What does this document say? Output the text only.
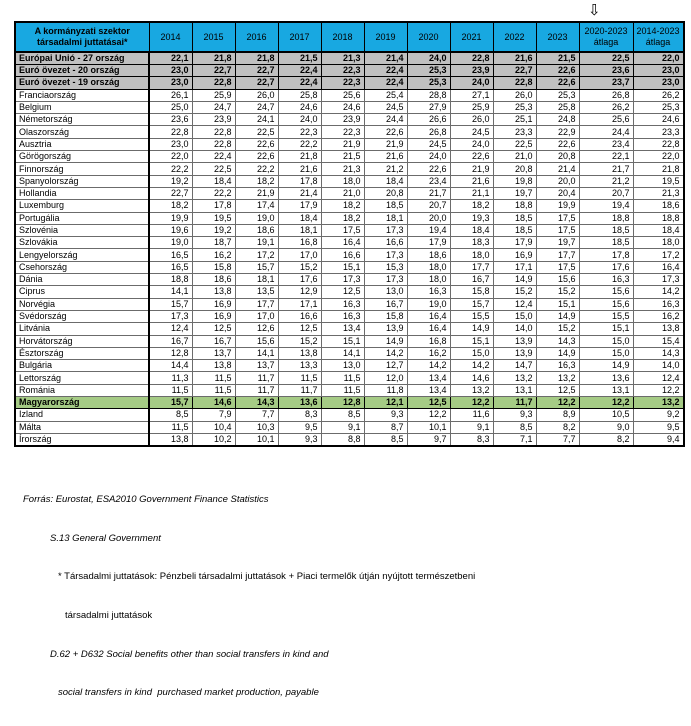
⇩
A kormányzati szektor
társadalmi juttatásai*	2014	2015	2016	2017	2018	2019	2020	2021	2022	2023	2020-2023
átlaga	2014-2023
átlaga
Európai Unió - 27 ország	22,1	21,8	21,8	21,5	21,3	21,4	24,0	22,8	21,6	21,5	22,5	22,0
Euró övezet - 20 ország	23,0	22,7	22,7	22,4	22,3	22,4	25,3	23,9	22,7	22,6	23,6	23,0
Euró övezet - 19 ország	23,0	22,8	22,7	22,4	22,3	22,4	25,3	24,0	22,8	22,6	23,7	23,0
Franciaország	26,1	25,9	26,0	25,8	25,6	25,4	28,8	27,1	26,0	25,3	26,8	26,2
Belgium	25,0	24,7	24,7	24,6	24,6	24,5	27,9	25,9	25,3	25,8	26,2	25,3
Németország	23,6	23,9	24,1	24,0	23,9	24,4	26,6	26,0	25,1	24,8	25,6	24,6
Olaszország	22,8	22,8	22,5	22,3	22,3	22,6	26,8	24,5	23,3	22,9	24,4	23,3
Ausztria	23,0	22,8	22,6	22,2	21,9	21,9	24,5	24,0	22,5	22,6	23,4	22,8
Görögország	22,0	22,4	22,6	21,8	21,5	21,6	24,0	22,6	21,0	20,8	22,1	22,0
Finnország	22,2	22,5	22,2	21,6	21,3	21,2	22,6	21,9	20,8	21,4	21,7	21,8
Spanyolország	19,2	18,4	18,2	17,8	18,0	18,4	23,4	21,6	19,8	20,0	21,2	19,5
Hollandia	22,7	22,2	21,9	21,4	21,0	20,8	21,7	21,1	19,7	20,4	20,7	21,3
Luxemburg	18,2	17,8	17,4	17,9	18,2	18,5	20,7	18,2	18,8	19,9	19,4	18,6
Portugália	19,9	19,5	19,0	18,4	18,2	18,1	20,0	19,3	18,5	17,5	18,8	18,8
Szlovénia	19,6	19,2	18,6	18,1	17,5	17,3	19,4	18,4	18,5	17,5	18,5	18,4
Szlovákia	19,0	18,7	19,1	16,8	16,4	16,6	17,9	18,3	17,9	19,7	18,5	18,0
Lengyelország	16,5	16,2	17,2	17,0	16,6	17,3	18,6	18,0	16,9	17,7	17,8	17,2
Csehország	16,5	15,8	15,7	15,2	15,1	15,3	18,0	17,7	17,1	17,5	17,6	16,4
Dánia	18,8	18,6	18,1	17,6	17,3	17,3	18,0	16,7	14,9	15,6	16,3	17,3
Ciprus	14,1	13,8	13,5	12,9	12,5	13,0	16,3	15,8	15,2	15,2	15,6	14,2
Norvégia	15,7	16,9	17,7	17,1	16,3	16,7	19,0	15,7	12,4	15,1	15,6	16,3
Svédország	17,3	16,9	17,0	16,6	16,3	15,8	16,4	15,5	15,0	14,9	15,5	16,2
Litvánia	12,4	12,5	12,6	12,5	13,4	13,9	16,4	14,9	14,0	15,2	15,1	13,8
Horvátország	16,7	16,7	15,6	15,2	15,1	14,9	16,8	15,1	13,9	14,3	15,0	15,4
Észtország	12,8	13,7	14,1	13,8	14,1	14,2	16,2	15,0	13,9	14,9	15,0	14,3
Bulgária	14,4	13,8	13,7	13,3	13,0	12,7	14,2	14,2	14,7	16,3	14,9	14,0
Lettország	11,3	11,5	11,7	11,5	11,5	12,0	13,4	14,6	13,2	13,2	13,6	12,4
Románia	11,5	11,5	11,7	11,7	11,5	11,8	13,4	13,2	13,1	12,5	13,1	12,2
Magyarország	15,7	14,6	14,3	13,6	12,8	12,1	12,5	12,2	11,7	12,2	12,2	13,2
Izland	8,5	7,9	7,7	8,3	8,5	9,3	12,2	11,6	9,3	8,9	10,5	9,2
Málta	11,5	10,4	10,3	9,5	9,1	8,7	10,1	9,1	8,5	8,2	9,0	9,5
Írország	13,8	10,2	10,1	9,3	8,8	8,5	9,7	8,3	7,1	7,7	8,2	9,4

Forrás: Eurostat, ESA2010 Government Finance Statistics

S.13 General Government

* Társadalmi juttatások: Pénzbeli társadalmi juttatások + Piaci termelők útján nyújtott természetbeni

társadalmi juttatások

D.62 + D632 Social benefits other than social transfers in kind and

social transfers in kind  purchased market production, payable
